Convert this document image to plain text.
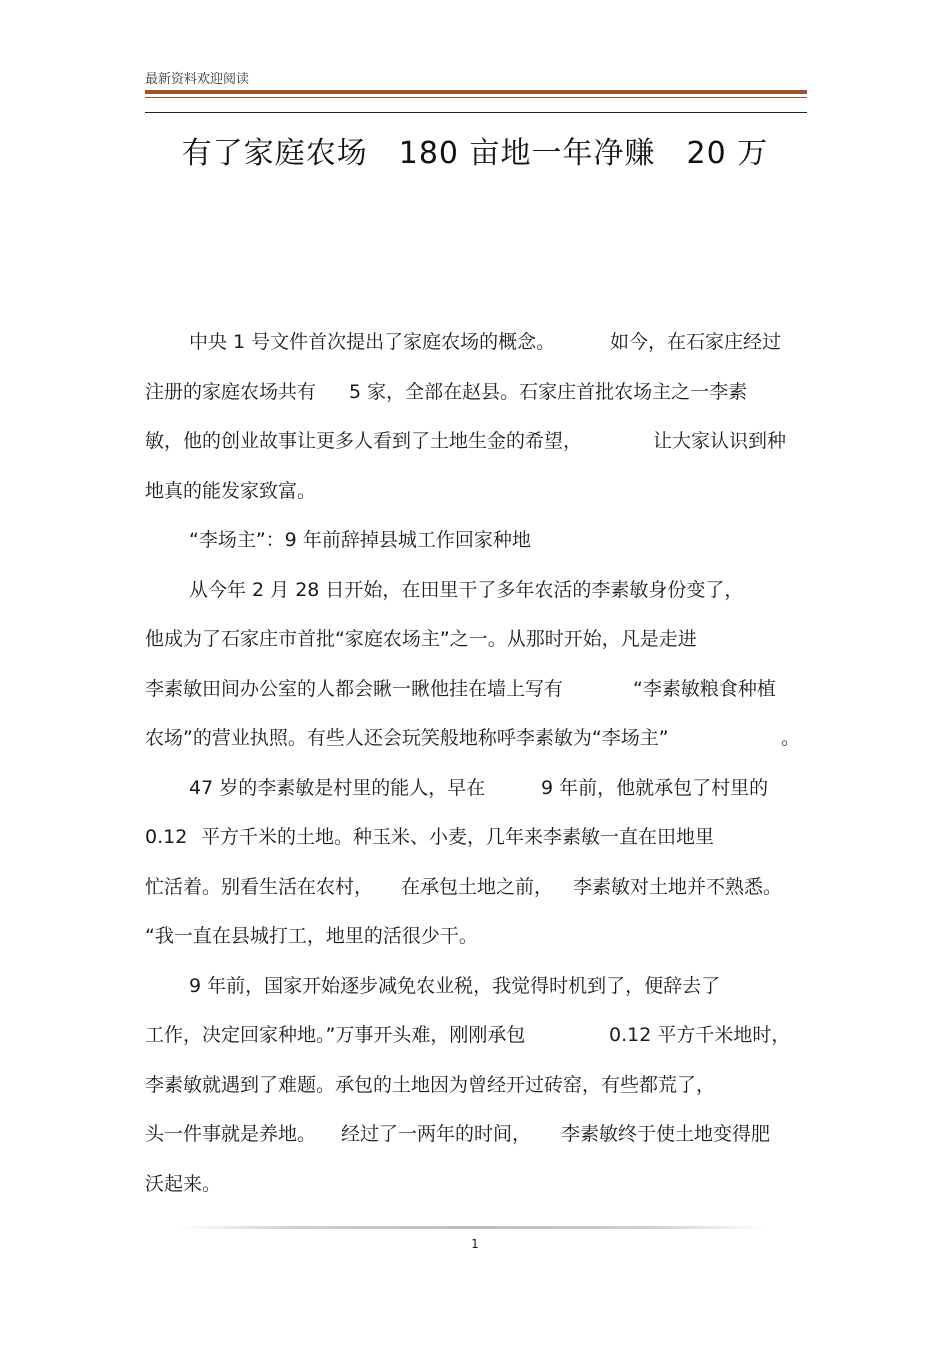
最新资料欢迎阅读
有了家庭农场　180 亩地一年净赚　20 万
中央 1 号文件首次提出了家庭农场的概念。	如今，在石家庄经过
注册的家庭农场共有 5 家，全部在赵县。石家庄首批农场主之一李素
敏，他的创业故事让更多人看到了土地生金的希望，	让大家认识到种
地真的能发家致富。
“李场主”：9 年前辞掉县城工作回家种地
从今年 2 月 28 日开始，在田里干了多年农活的李素敏身份变了，
他成为了石家庄市首批“家庭农场主”之一。从那时开始，凡是走进
李素敏田间办公室的人都会瞅一瞅他挂在墙上写有	“李素敏粮食种植
农场”的营业执照。有些人还会玩笑般地称呼李素敏为“李场主”	。
47 岁的李素敏是村里的能人，早在	9 年前，他就承包了村里的
0.12 平方千米的土地。种玉米、小麦，几年来李素敏一直在田地里
忙活着。别看生活在农村， 在承包土地之前， 李素敏对土地并不熟悉。
“我一直在县城打工，地里的活很少干。
9 年前，国家开始逐步减免农业税，我觉得时机到了，便辞去了
工作，决定回家种地。”万事开头难，刚刚承包	0.12 平方千米地时，
李素敏就遇到了难题。承包的土地因为曾经开过砖窑，有些都荒了，
头一件事就是养地。 经过了一两年的时间， 李素敏终于使土地变得肥
沃起来。
1
